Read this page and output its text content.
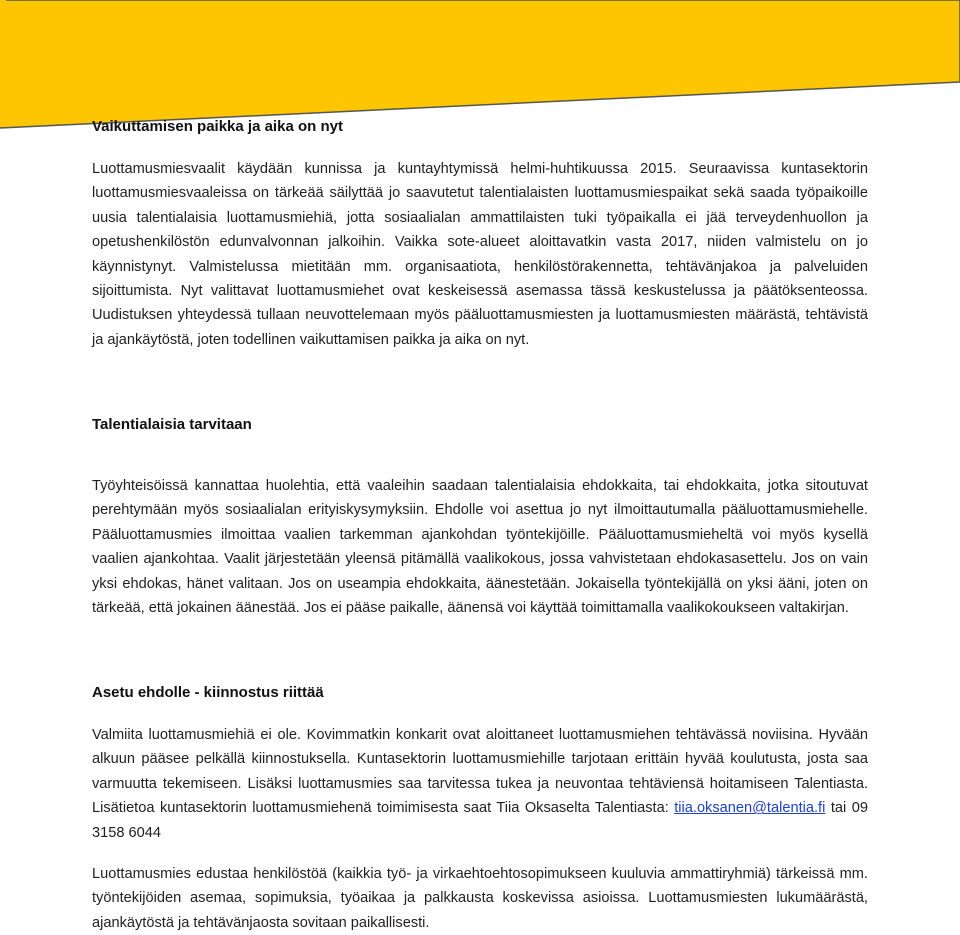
Vaikuttamisen paikka ja aika on nyt

Luottamusmiesvaalit käydään kunnissa ja kuntayhtymissä helmi-huhtikuussa 2015. Seuraavissa kuntasektorin luottamusmiesvaaleissa on tärkeää säilyttää jo saavutetut talentialaisten luottamusmiespaikat sekä saada työpaikoille uusia talentialaisia luottamusmiehiä, jotta sosiaalialan ammattilaisten tuki työpaikalla ei jää terveydenhuollon ja opetushenkilöstön edunvalvonnan jalkoihin. Vaikka sote-alueet aloittavatkin vasta 2017, niiden valmistelu on jo käynnistynyt. Valmistelussa mietitään mm. organisaatiota, henkilöstörakennetta, tehtävänjakoa ja palveluiden sijoittumista. Nyt valittavat luottamusmiehet ovat keskeisessä asemassa tässä keskustelussa ja päätöksenteossa. Uudistuksen yhteydessä tullaan neuvottelemaan myös pääluottamusmiesten ja luottamusmiesten määrästä, tehtävistä ja ajankäytöstä, joten todellinen vaikuttamisen paikka ja aika on nyt.

Talentialaisia tarvitaan

Työyhteisöissä kannattaa huolehtia, että vaaleihin saadaan talentialaisia ehdokkaita, tai ehdokkaita, jotka sitoutuvat perehtymään myös sosiaalialan erityiskysymyksiin. Ehdolle voi asettua jo nyt ilmoittautumalla pääluottamusmiehelle. Pääluottamusmies ilmoittaa vaalien tarkemman ajankohdan työntekijöille. Pääluottamusmieheltä voi myös kysellä vaalien ajankohtaa. Vaalit järjestetään yleensä pitämällä vaalikokous, jossa vahvistetaan ehdokasasettelu. Jos on vain yksi ehdokas, hänet valitaan. Jos on useampia ehdokkaita, äänestetään. Jokaisella työntekijällä on yksi ääni, joten on tärkeää, että jokainen äänestää. Jos ei pääse paikalle, äänensä voi käyttää toimittamalla vaalikokoukseen valtakirjan.

Asetu ehdolle - kiinnostus riittää

Valmiita luottamusmiehiä ei ole. Kovimmatkin konkarit ovat aloittaneet luottamusmiehen tehtävässä noviisina. Hyvään alkuun pääsee pelkällä kiinnostuksella. Kuntasektorin luottamusmiehille tarjotaan erittäin hyvää koulutusta, josta saa varmuutta tekemiseen. Lisäksi luottamusmies saa tarvitessa tukea ja neuvontaa tehtäviensä hoitamiseen Talentiasta. Lisätietoa kuntasektorin luottamusmiehenä toimimisesta saat Tiia Oksaselta Talentiasta: tiia.oksanen@talentia.fi tai 09 3158 6044

Luottamusmies edustaa henkilöstöä (kaikkia työ- ja virkaehtoehtosopimukseen kuuluvia ammattiryhmiä) tärkeissä mm. työntekijöiden asemaa, sopimuksia, työaikaa ja palkkausta koskevissa asioissa. Luottamusmiesten lukumäärästä, ajankäytöstä ja tehtävänjaosta sovitaan paikallisesti.
